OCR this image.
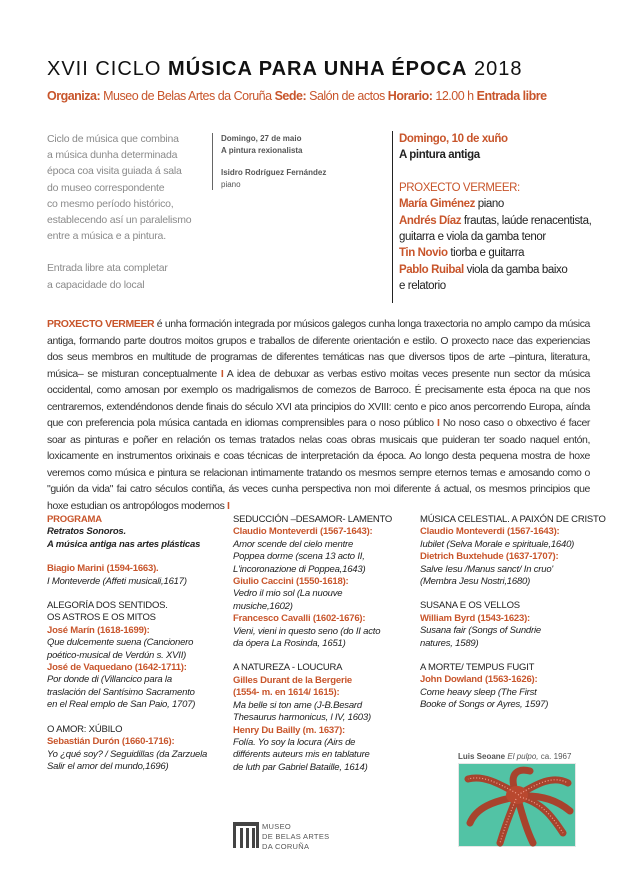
XVII CICLO MÚSICA PARA UNHA ÉPOCA 2018
Organiza: Museo de Belas Artes da Coruña Sede: Salón de actos Horario: 12.00 h Entrada libre

Ciclo de música que combina
a música dunha determinada
época coa visita guiada á sala
do museo correspondente
co mesmo período histórico,
establecendo así un paralelismo
entre a música e a pintura.

Entrada libre ata completar
a capacidade do local

Domingo, 27 de maio
A pintura rexionalista
Isidro Rodríguez Fernández
piano
Domingo, 10 de xuño
A pintura antiga
PROXECTO VERMEER:
María Giménez piano
Andrés Díaz frautas, laúde renacentista,
guitarra e viola da gamba tenor
Tin Novio tiorba e guitarra
Pablo Ruibal viola da gamba baixo
e relatorio
PROXECTO VERMEER é unha formación integrada por músicos galegos cunha longa traxectoria no amplo campo da música antiga, formando parte doutros moitos grupos e traballos de diferente orientación e estilo. O proxecto nace das experiencias dos seus membros en multitude de programas de diferentes temáticas nas que diversos tipos de arte –pintura, literatura, música– se misturan conceptualmente I A idea de debuxar as verbas estivo moitas veces presente nun sector da música occidental, como amosan por exemplo os madrigalismos de comezos de Barroco. É precisamente esta época na que nos centraremos, extendéndonos dende finais do século XVI ata principios do XVIII: cento e pico anos percorrendo Europa, aínda que con preferencia pola música cantada en idiomas comprensibles para o noso público I No noso caso o obxectivo é facer soar as pinturas e poñer en relación os temas tratados nelas coas obras musicais que puideran ter soado naquel entón, loxicamente en instrumentos orixinais e coas técnicas de interpretación da época. Ao longo desta pequena mostra de hoxe veremos como música e pintura se relacionan intimamente tratando os mesmos sempre eternos temas e amosando como o "guión da vida" fai catro séculos contiña, ás veces cunha perspectiva non moi diferente á actual, os mesmos principios que hoxe estudian os antropólogos modernos I
PROGRAMA
Retratos Sonoros.
A música antiga nas artes plásticas
Biagio Marini (1594-1663).
I Monteverde (Affeti musicali,1617)
ALEGORÍA DOS SENTIDOS.
OS ASTROS E OS MITOS
José Marín (1618-1699):
Que dulcemente suena (Cancionero
poético-musical de Verdún s. XVII)
José de Vaquedano (1642-1711):
Por donde di (Villancico para la
traslación del Santísimo Sacramento
en el Real emplo de San Paio, 1707)
O AMOR: XÚBILO
Sebastián Durón (1660-1716):
Yo ¿qué soy? / Seguidillas (da Zarzuela
Salir el amor del mundo,1696)
SEDUCCIÓN –DESAMOR- LAMENTO
Claudio Monteverdi (1567-1643):
Amor scende del cielo mentre
Poppea dorme (scena 13 acto II,
L'incoronazione di Poppea,1643)
Giulio Caccini (1550-1618):
Vedro il mio sol (La nuouve
musiche,1602)
Francesco Cavalli (1602-1676):
Vieni, vieni in questo seno (do II acto
da ópera La Rosinda, 1651)
A NATUREZA - LOUCURA
Gilles Durant de la Bergerie
(1554- m. en 1614/ 1615):
Ma belle si ton ame (J-B.Besard
Thesaurus harmonicus, l IV, 1603)
Henry Du Bailly (m. 1637):
Folía. Yo soy la locura (Airs de
différents auteurs mis en tablature
de luth par Gabriel Bataille, 1614)
MÚSICA CELESTIAL. A PAIXÓN DE CRISTO
Claudio Monteverdi (1567-1643):
Iubilet (Selva Morale e spirituale,1640)
Dietrich Buxtehude (1637-1707):
Salve Iesu /Manus sanct/ In cruo'
(Membra Jesu Nostri,1680)
SUSANA E OS VELLOS
William Byrd (1543-1623):
Susana fair (Songs of Sundrie
natures, 1589)
A MORTE/ TEMPUS FUGIT
John Dowland (1563-1626):
Come heavy sleep (The First
Booke of Songs or Ayres, 1597)
Luis Seoane El pulpo, ca. 1967
MUSEO
DE BELAS ARTES
DA CORUÑA
